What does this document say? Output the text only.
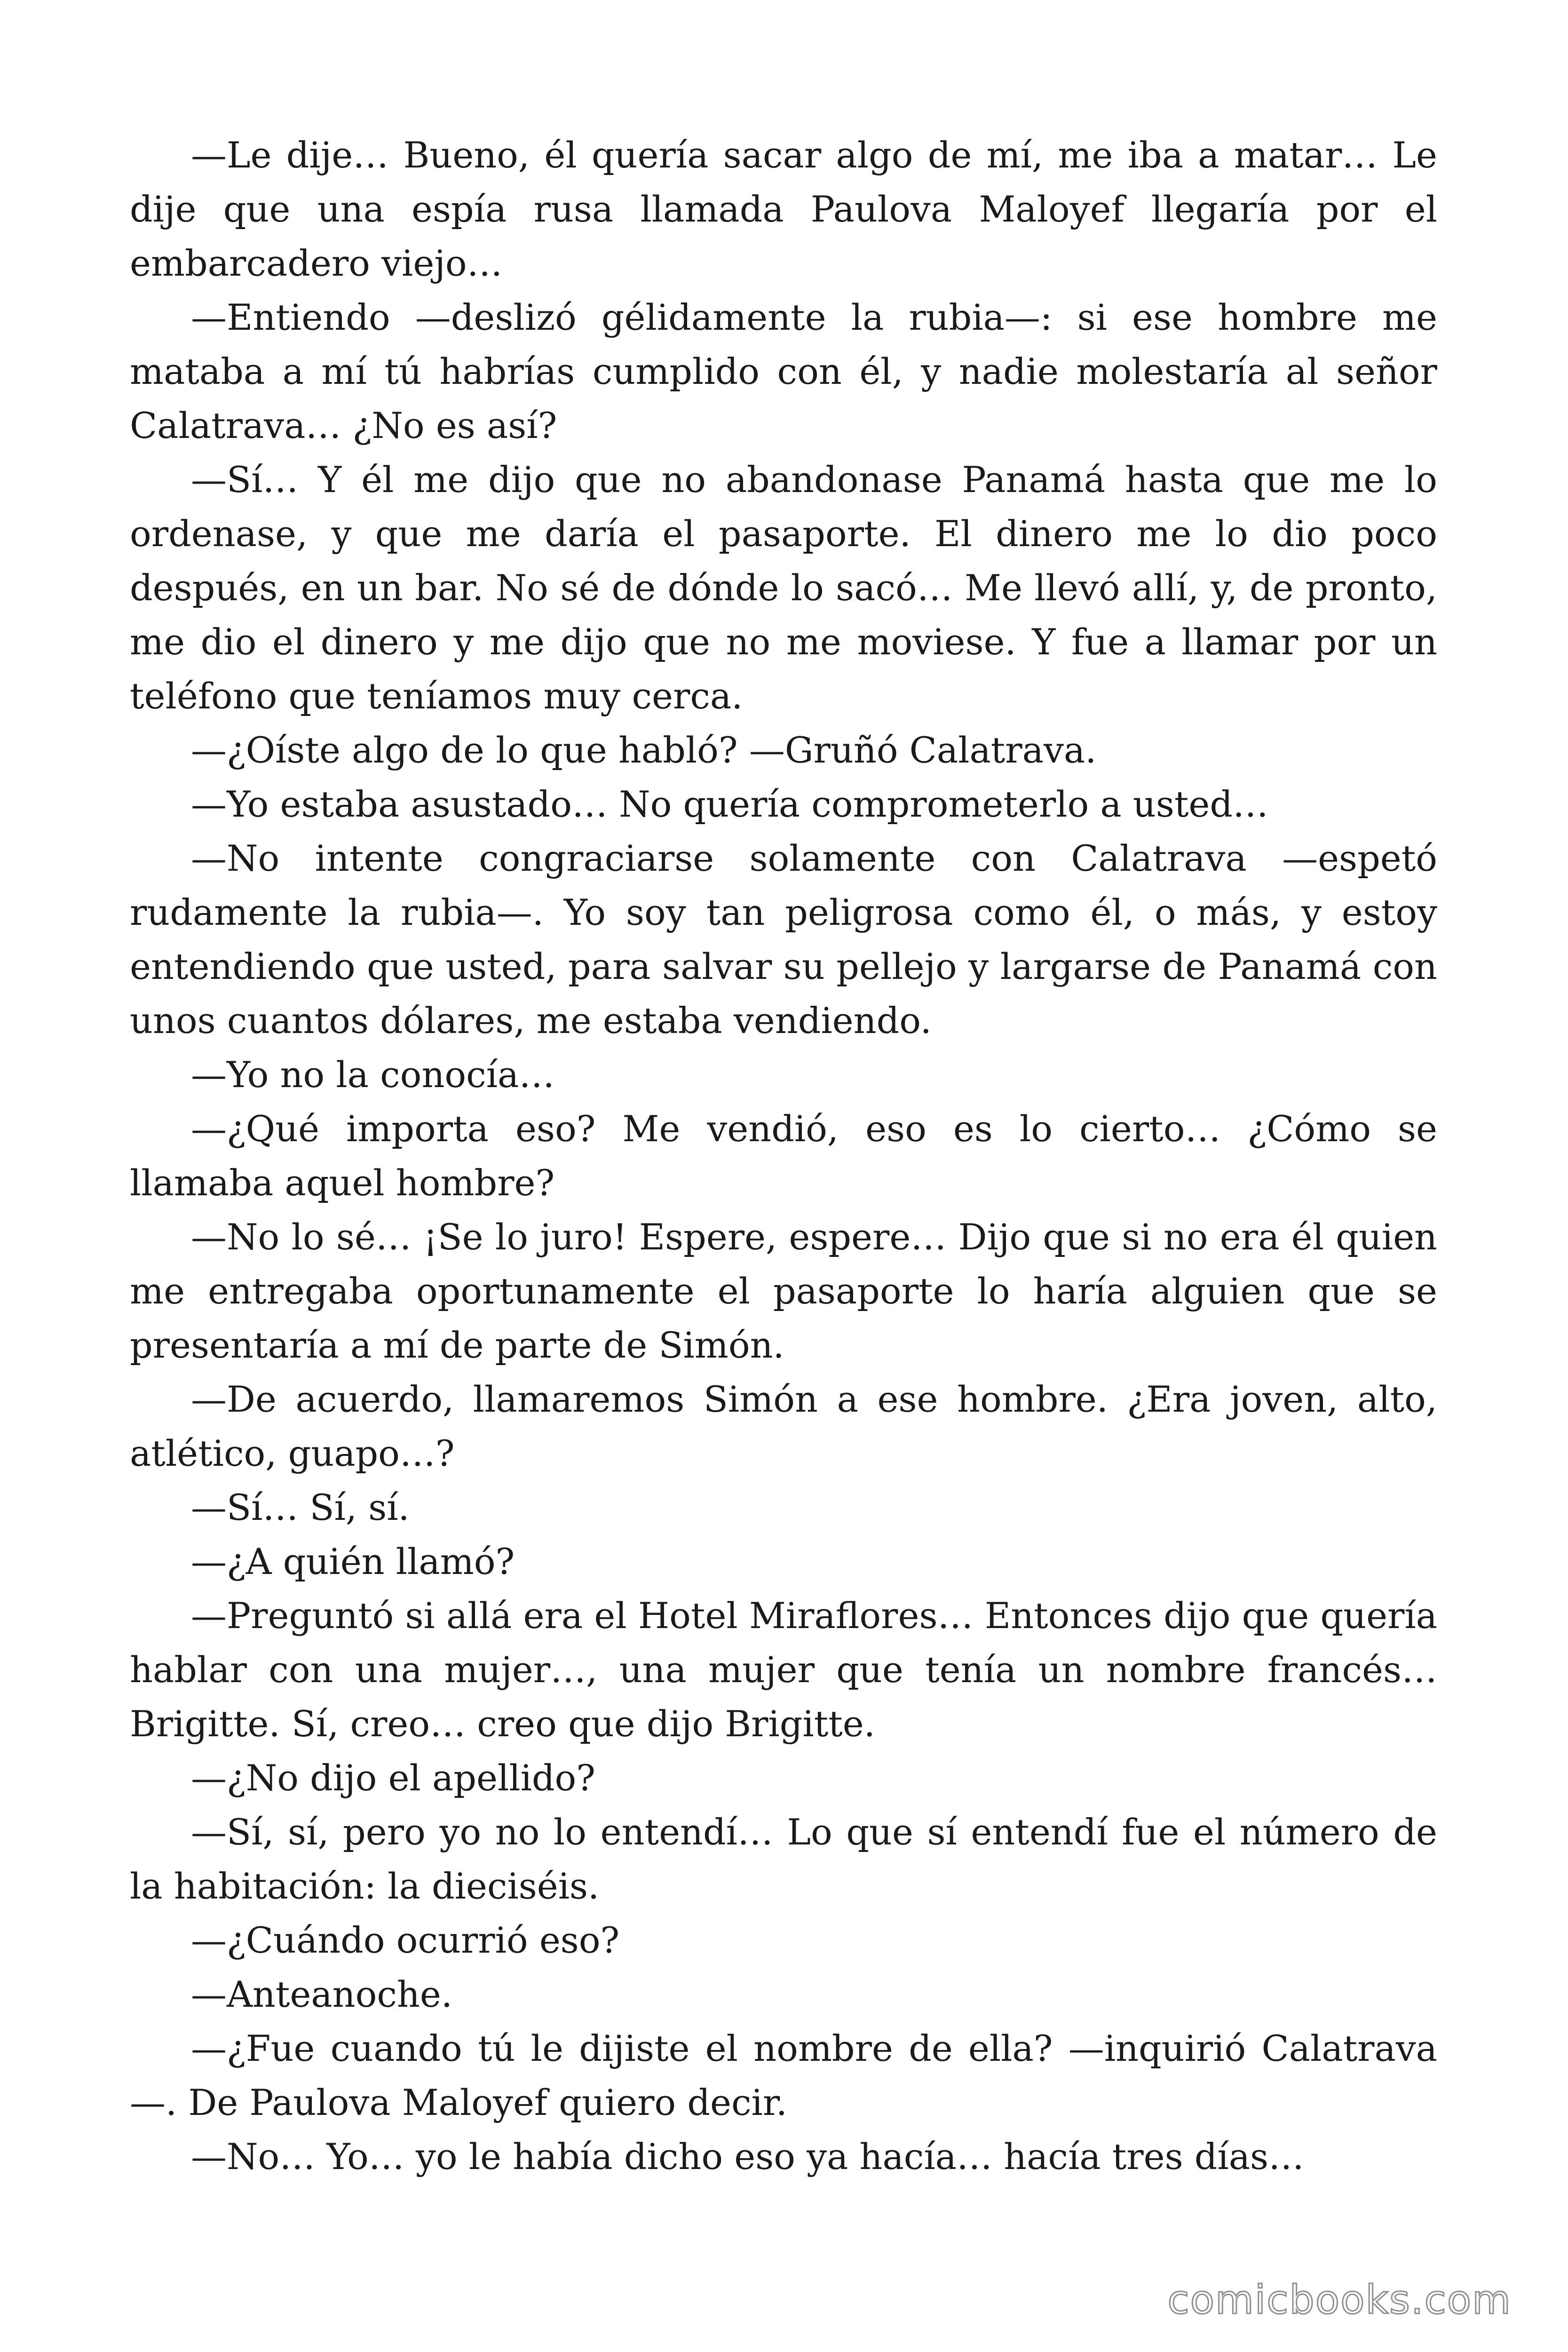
—Le dije… Bueno, él quería sacar algo de mí, me iba a matar… Le dije que una espía rusa llamada Paulova Maloyef llegaría por el embarcadero viejo…

—Entiendo —deslizó gélidamente la rubia—: si ese hombre me mataba a mí tú habrías cumplido con él, y nadie molestaría al señor Calatrava… ¿No es así?

—Sí… Y él me dijo que no abandonase Panamá hasta que me lo ordenase, y que me daría el pasaporte. El dinero me lo dio poco después, en un bar. No sé de dónde lo sacó… Me llevó allí, y, de pronto, me dio el dinero y me dijo que no me moviese. Y fue a llamar por un teléfono que teníamos muy cerca.

—¿Oíste algo de lo que habló? —Gruñó Calatrava.

—Yo estaba asustado… No quería comprometerlo a usted…

—No intente congraciarse solamente con Calatrava —espetó rudamente la rubia—. Yo soy tan peligrosa como él, o más, y estoy entendiendo que usted, para salvar su pellejo y largarse de Panamá con unos cuantos dólares, me estaba vendiendo.

—Yo no la conocía…

—¿Qué importa eso? Me vendió, eso es lo cierto… ¿Cómo se llamaba aquel hombre?

—No lo sé… ¡Se lo juro! Espere, espere… Dijo que si no era él quien me entregaba oportunamente el pasaporte lo haría alguien que se presentaría a mí de parte de Simón.

—De acuerdo, llamaremos Simón a ese hombre. ¿Era joven, alto, atlético, guapo…?

—Sí… Sí, sí.

—¿A quién llamó?

—Preguntó si allá era el Hotel Miraflores… Entonces dijo que quería hablar con una mujer…, una mujer que tenía un nombre francés… Brigitte. Sí, creo… creo que dijo Brigitte.

—¿No dijo el apellido?

—Sí, sí, pero yo no lo entendí… Lo que sí entendí fue el número de la habitación: la dieciséis.

—¿Cuándo ocurrió eso?

—Anteanoche.

—¿Fue cuando tú le dijiste el nombre de ella? —inquirió Calatrava—. De Paulova Maloyef quiero decir.

—No… Yo… yo le había dicho eso ya hacía… hacía tres días…

comicbooks.com
